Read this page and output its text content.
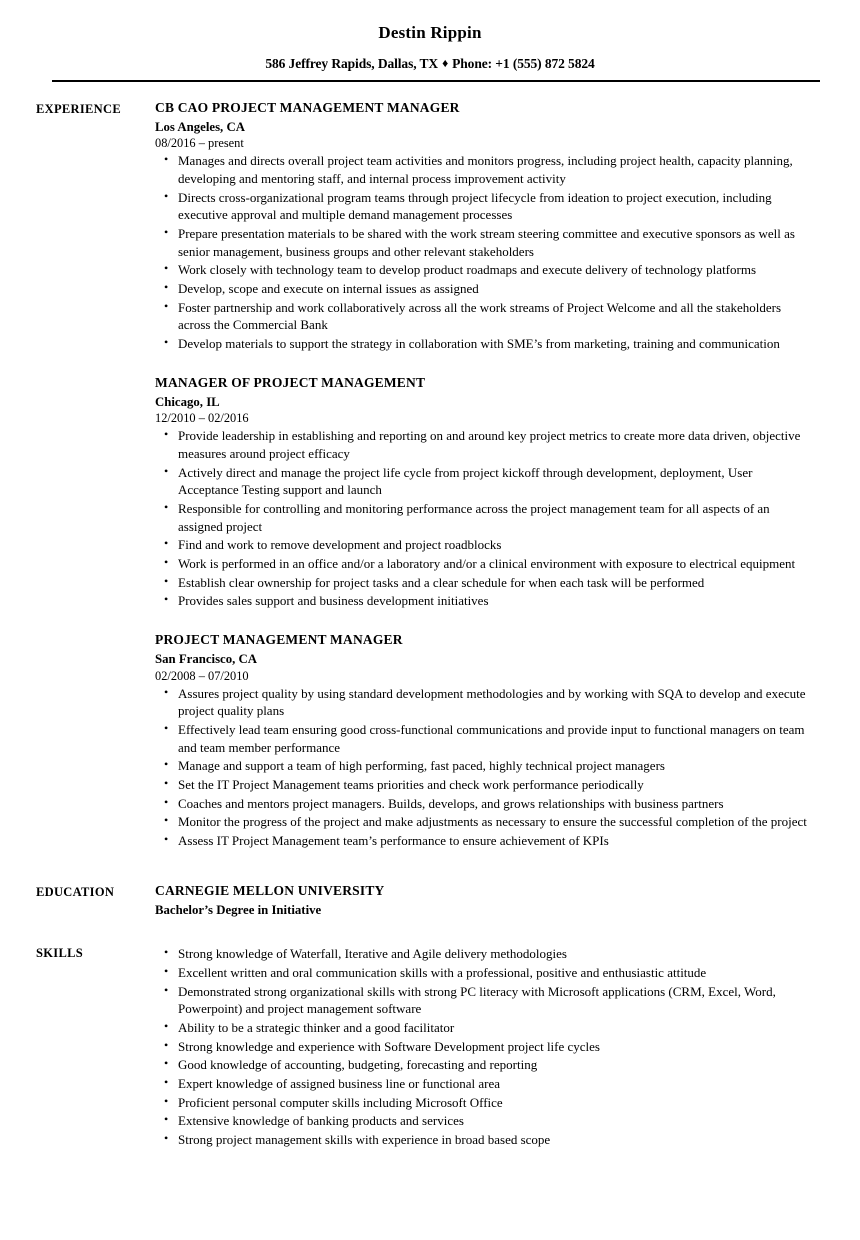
Destin Rippin
586 Jeffrey Rapids, Dallas, TX ♦ Phone: +1 (555) 872 5824
EXPERIENCE	CB CAO PROJECT MANAGEMENT MANAGER
Los Angeles, CA
08/2016 – present
• Manages and directs overall project team activities and monitors progress, including project health, capacity planning, developing and mentoring staff, and internal process improvement activity
• Directs cross-organizational program teams through project lifecycle from ideation to project execution, including executive approval and multiple demand management processes
• Prepare presentation materials to be shared with the work stream steering committee and executive sponsors as well as senior management, business groups and other relevant stakeholders
• Work closely with technology team to develop product roadmaps and execute delivery of technology platforms
• Develop, scope and execute on internal issues as assigned
• Foster partnership and work collaboratively across all the work streams of Project Welcome and all the stakeholders across the Commercial Bank
• Develop materials to support the strategy in collaboration with SME’s from marketing, training and communication
MANAGER OF PROJECT MANAGEMENT
Chicago, IL
12/2010 – 02/2016
• Provide leadership in establishing and reporting on and around key project metrics to create more data driven, objective measures around project efficacy
• Actively direct and manage the project life cycle from project kickoff through development, deployment, User Acceptance Testing support and launch
• Responsible for controlling and monitoring performance across the project management team for all aspects of an assigned project
• Find and work to remove development and project roadblocks
• Work is performed in an office and/or a laboratory and/or a clinical environment with exposure to electrical equipment
• Establish clear ownership for project tasks and a clear schedule for when each task will be performed
• Provides sales support and business development initiatives
PROJECT MANAGEMENT MANAGER
San Francisco, CA
02/2008 – 07/2010
• Assures project quality by using standard development methodologies and by working with SQA to develop and execute project quality plans
• Effectively lead team ensuring good cross-functional communications and provide input to functional managers on team and team member performance
• Manage and support a team of high performing, fast paced, highly technical project managers
• Set the IT Project Management teams priorities and check work performance periodically
• Coaches and mentors project managers. Builds, develops, and grows relationships with business partners
• Monitor the progress of the project and make adjustments as necessary to ensure the successful completion of the project
• Assess IT Project Management team’s performance to ensure achievement of KPIs
EDUCATION	CARNEGIE MELLON UNIVERSITY
Bachelor’s Degree in Initiative
SKILLS	• Strong knowledge of Waterfall, Iterative and Agile delivery methodologies
• Excellent written and oral communication skills with a professional, positive and enthusiastic attitude
• Demonstrated strong organizational skills with strong PC literacy with Microsoft applications (CRM, Excel, Word, Powerpoint) and project management software
• Ability to be a strategic thinker and a good facilitator
• Strong knowledge and experience with Software Development project life cycles
• Good knowledge of accounting, budgeting, forecasting and reporting
• Expert knowledge of assigned business line or functional area
• Proficient personal computer skills including Microsoft Office
• Extensive knowledge of banking products and services
• Strong project management skills with experience in broad based scope
